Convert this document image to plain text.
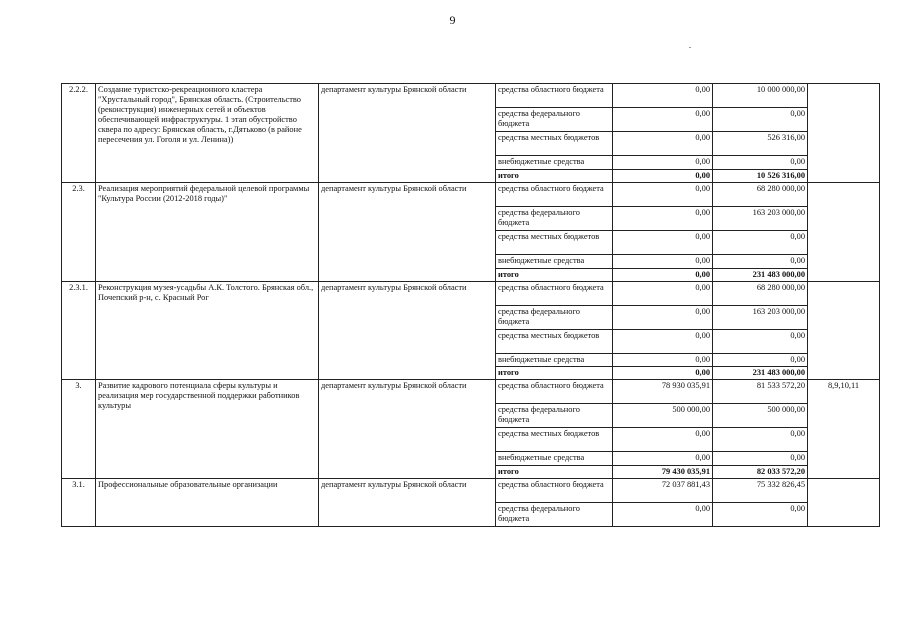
9
2.2.2.	Создание туристско-рекреационного кластера "Хрустальный город", Брянская область. (Строительство (реконструкция) инженерных сетей и объектов обеспечивающей инфраструктуры. 1 этап обустройство сквера по адресу: Брянская область, г.Дятьково (в районе пересечения ул. Гоголя и ул. Ленина))	департамент культуры Брянской области	средства областного бюджета	0,00	10 000 000,00	
			средства федерального бюджета	0,00	0,00	
			средства местных бюджетов	0,00	526 316,00	
			внебюджетные средства	0,00	0,00	
			итого	0,00	10 526 316,00	
2.3.	Реализация мероприятий федеральной целевой программы "Культура России (2012-2018 годы)"	департамент культуры Брянской области	средства областного бюджета	0,00	68 280 000,00	
			средства федерального бюджета	0,00	163 203 000,00	
			средства местных бюджетов	0,00	0,00	
			внебюджетные средства	0,00	0,00	
			итого	0,00	231 483 000,00	
2.3.1.	Реконструкция музея-усадьбы А.К. Толстого. Брянская обл., Почепский р-н, с. Красный Рог	департамент культуры Брянской области	средства областного бюджета	0,00	68 280 000,00	
			средства федерального бюджета	0,00	163 203 000,00	
			средства местных бюджетов	0,00	0,00	
			внебюджетные средства	0,00	0,00	
			итого	0,00	231 483 000,00	
3.	Развитие кадрового потенциала сферы культуры и реализация мер государственной поддержки работников культуры	департамент культуры Брянской области	средства областного бюджета	78 930 035,91	81 533 572,20	8,9,10,11
			средства федерального бюджета	500 000,00	500 000,00	
			средства местных бюджетов	0,00	0,00	
			внебюджетные средства	0,00	0,00	
			итого	79 430 035,91	82 033 572,20	
3.1.	Профессиональные образовательные организации	департамент культуры Брянской области	средства областного бюджета	72 037 881,43	75 332 826,45	
			средства федерального бюджета	0,00	0,00	
